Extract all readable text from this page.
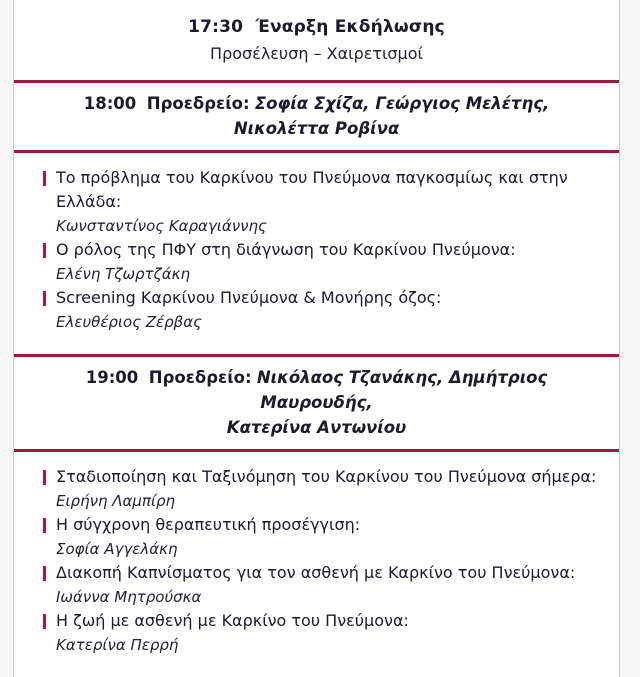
17:30 Έναρξη Εκδήλωσης
Προσέλευση – Χαιρετισμοί
18:00 Προεδρείο: Σοφία Σχίζα, Γεώργιος Μελέτης,
Νικολέττα Ροβίνα
Το πρόβλημα του Καρκίνου του Πνεύμονα παγκοσμίως και στην Ελλάδα:
Κωνσταντίνος Καραγιάννης
Ο ρόλος της ΠΦΥ στη διάγνωση του Καρκίνου Πνεύμονα:
Ελένη Τζωρτζάκη
Screening Καρκίνου Πνεύμονα & Μονήρης όζος:
Ελευθέριος Ζέρβας
19:00 Προεδρείο: Νικόλαος Τζανάκης, Δημήτριος Μαυρουδής,
Κατερίνα Αντωνίου
Σταδιοποίηση και Ταξινόμηση του Καρκίνου του Πνεύμονα σήμερα:
Ειρήνη Λαμπίρη
Η σύγχρονη θεραπευτική προσέγγιση:
Σοφία Αγγελάκη
Διακοπή Καπνίσματος για τον ασθενή με Καρκίνο του Πνεύμονα:
Ιωάννα Μητρούσκα
Η ζωή με ασθενή με Καρκίνο του Πνεύμονα:
Κατερίνα Περρή
